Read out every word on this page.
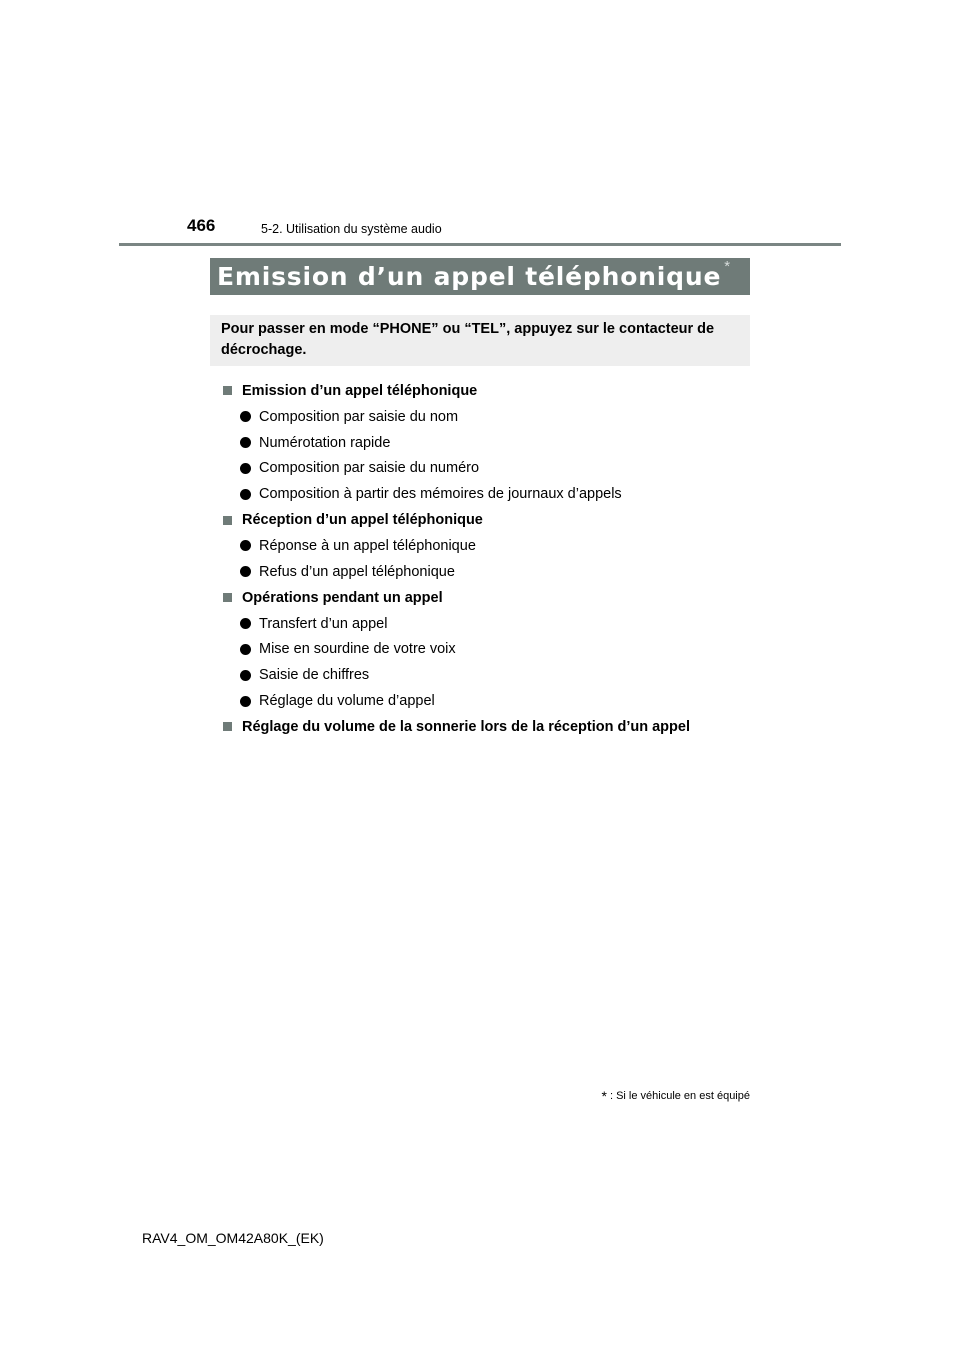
466	5-2. Utilisation du système audio
Emission d’un appel téléphonique *
Pour passer en mode “PHONE” ou “TEL”, appuyez sur le contacteur de décrochage.
Emission d’un appel téléphonique
Composition par saisie du nom
Numérotation rapide
Composition par saisie du numéro
Composition à partir des mémoires de journaux d’appels
Réception d’un appel téléphonique
Réponse à un appel téléphonique
Refus d’un appel téléphonique
Opérations pendant un appel
Transfert d’un appel
Mise en sourdine de votre voix
Saisie de chiffres
Réglage du volume d’appel
Réglage du volume de la sonnerie lors de la réception d’un appel
* : Si le véhicule en est équipé
RAV4_OM_OM42A80K_(EK)
